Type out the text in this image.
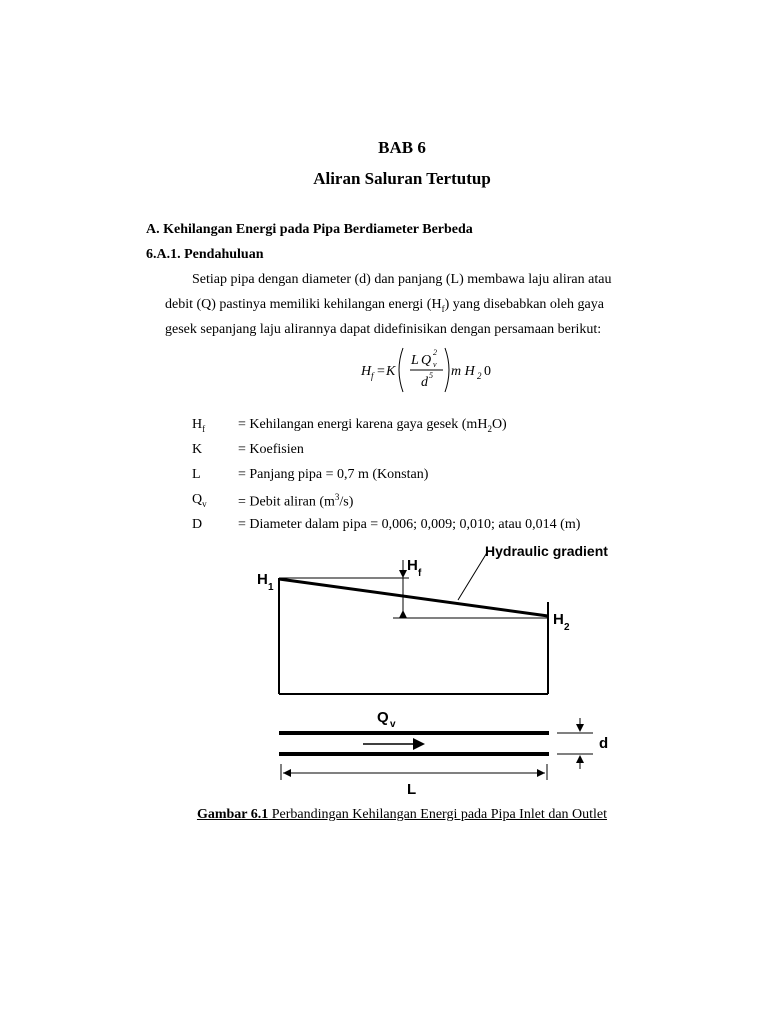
BAB 6
Aliran Saluran Tertutup
A. Kehilangan Energi pada Pipa Berdiameter Berbeda
6.A.1. Pendahuluan
Setiap pipa dengan diameter (d) dan panjang (L) membawa laju aliran atau
debit (Q) pastinya memiliki kehilangan energi $(H_f)$ yang disebabkan oleh gaya
gesek sepanjang laju alirannya dapat didefinisikan dengan persamaan berikut:
H f = K
L Q
2
v
d 5 m H 2 0
$H_f$ = Kehilangan energi karena gaya gesek $(mH_2O)$
K	= Koefisien
L	= Panjang pipa = 0,7 m (Konstan)
$Q_v$ = Debit aliran $(m^3/s)$
D	= Diameter dalam pipa = 0,006; 0,009; 0,010; atau 0,014 (m)
Hydraulic gradient
H 1
H f
H 2
Q v
d
L
Gambar 6.1 Perbandingan Kehilangan Energi pada Pipa Inlet dan Outlet
